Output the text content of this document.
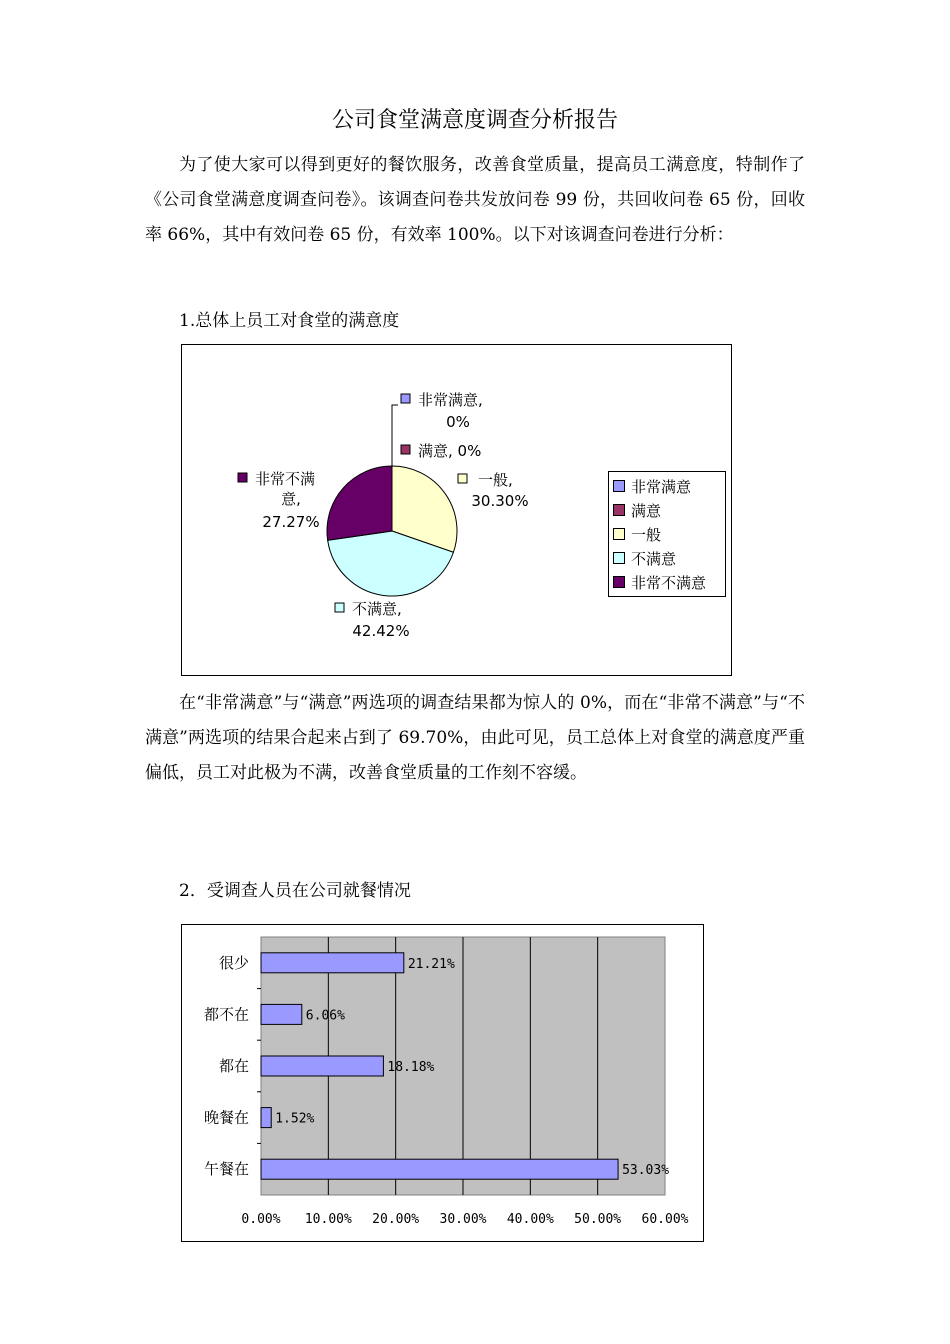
公司食堂满意度调查分析报告

为了使大家可以得到更好的餐饮服务，改善食堂质量，提高员工满意度，特制作了《公司食堂满意度调查问卷》。该调查问卷共发放问卷 99 份，共回收问卷 65 份，回收率 66%，其中有效问卷 65 份，有效率 100%。以下对该调查问卷进行分析：

1.总体上员工对食堂的满意度

非常满意,
0%
满意, 0%
一般,
30.30%
不满意,
42.42%
非常不满
意,
27.27%
非常满意
满意
一般
不满意
非常不满意

在“非常满意”与“满意”两选项的调查结果都为惊人的 0%，而在“非常不满意”与“不满意”两选项的结果合起来占到了 69.70%，由此可见，员工总体上对食堂的满意度严重偏低，员工对此极为不满，改善食堂质量的工作刻不容缓。

2．受调查人员在公司就餐情况

0.00% 10.00% 20.00% 30.00% 40.00% 50.00% 60.00%
很少	21.21%
都不在	6.06%
都在	18.18%
晚餐在 1.52%
午餐在	53.03%
